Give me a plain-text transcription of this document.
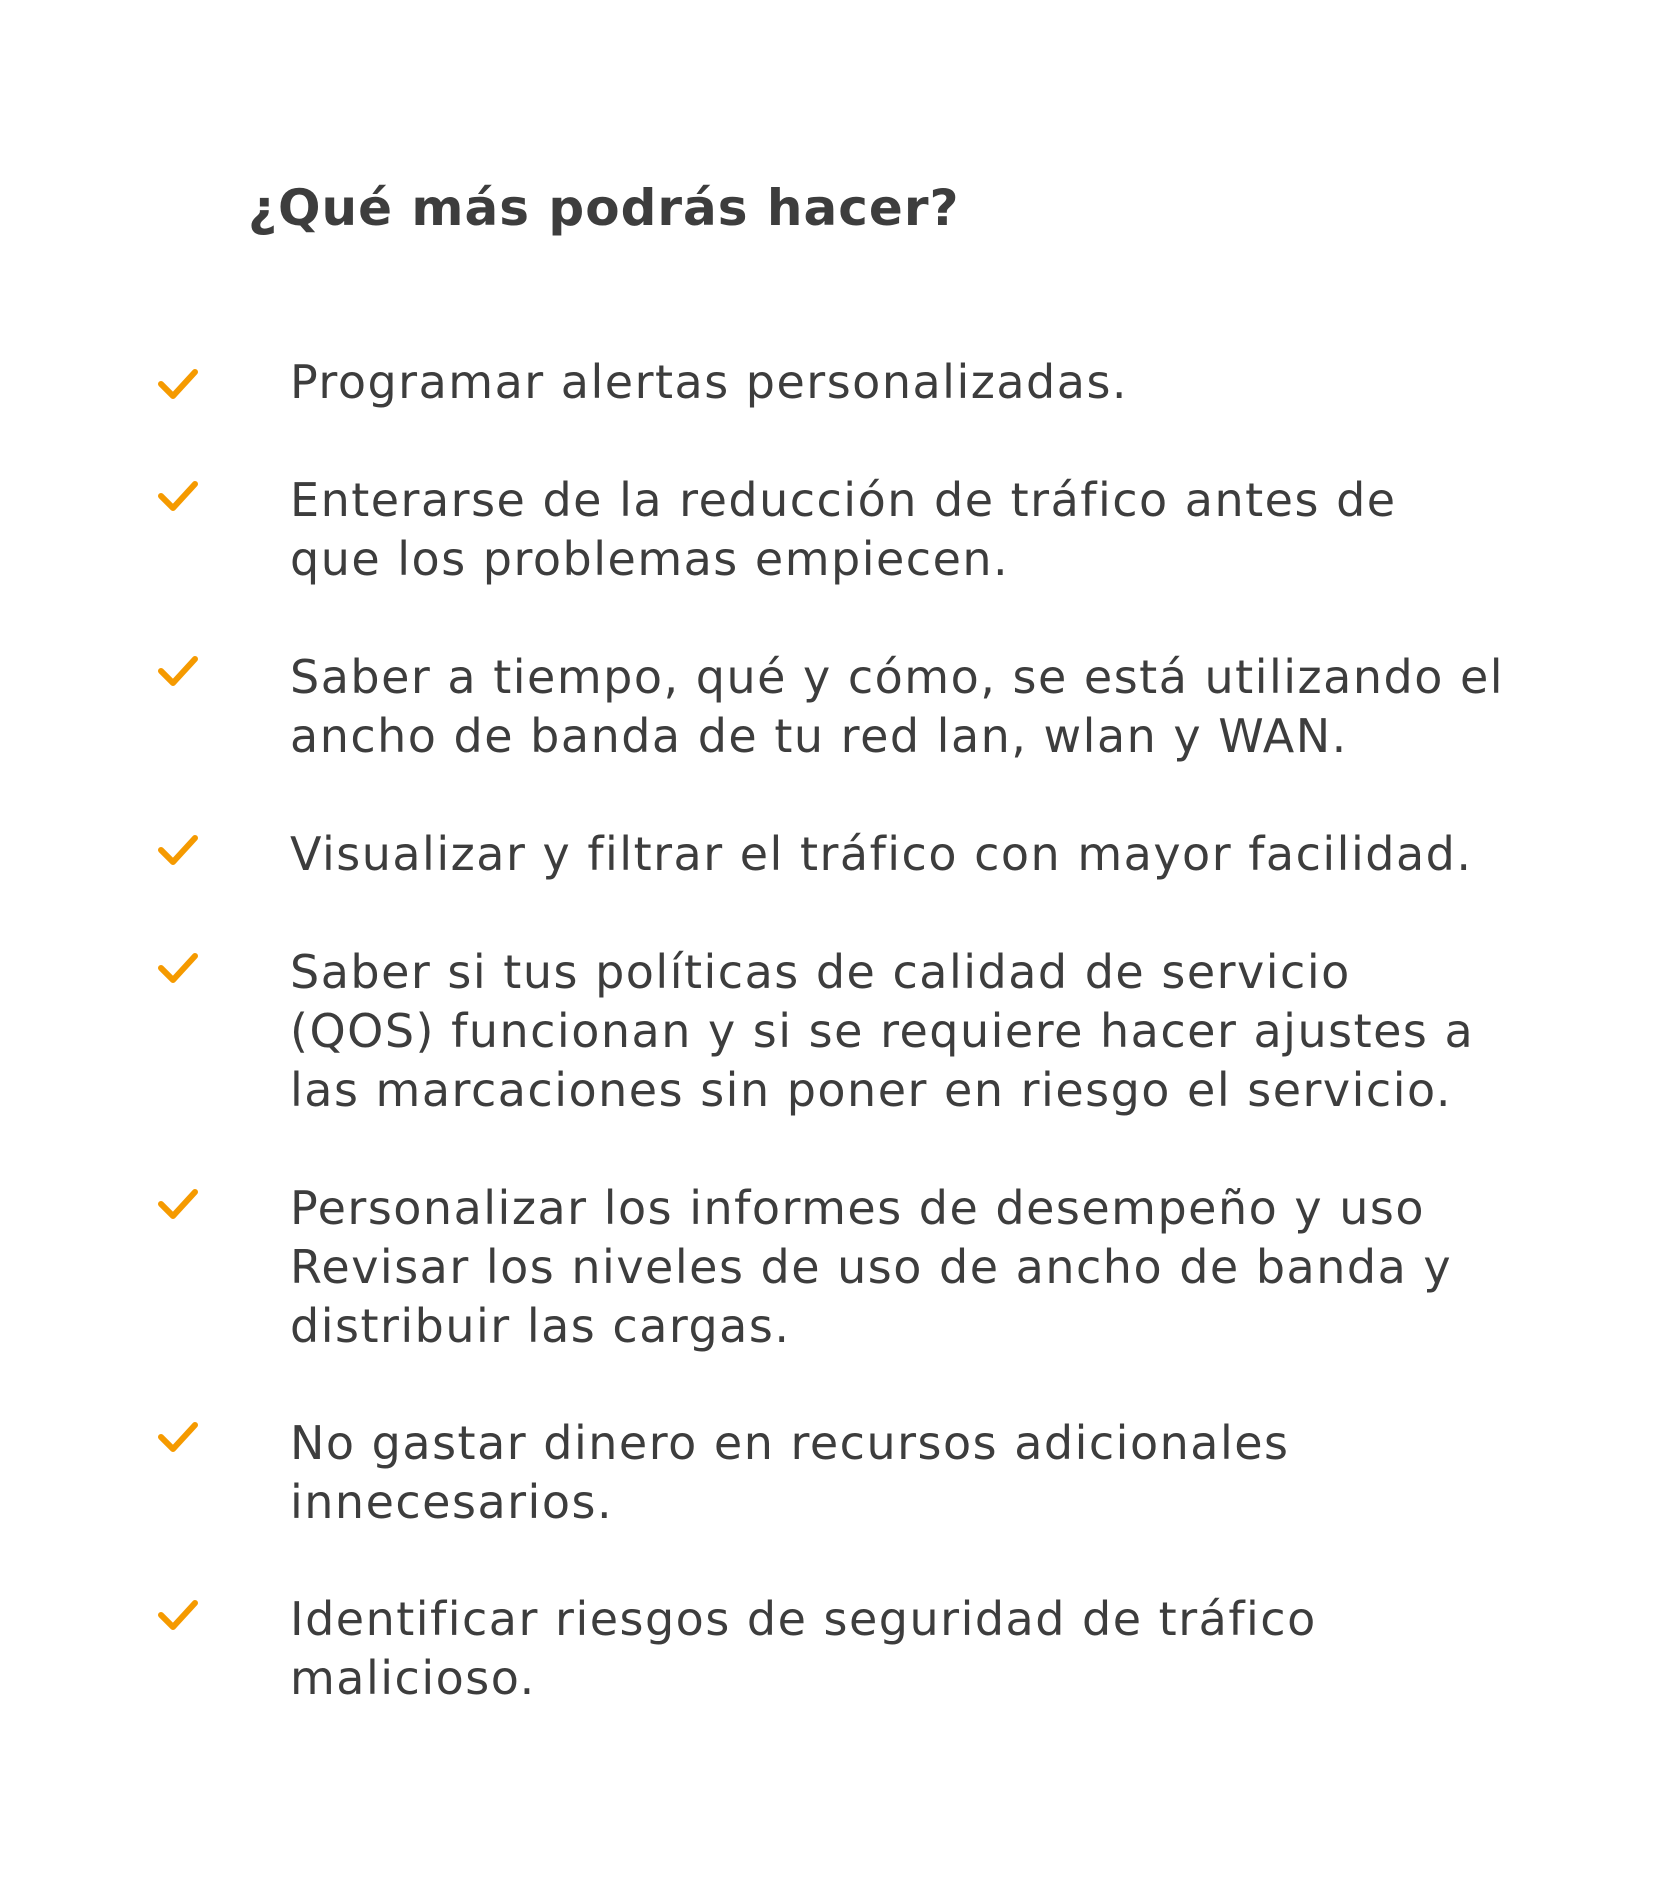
¿Qué más podrás hacer?

Programar alertas personalizadas.

Enterarse de la reducción de tráfico antes de
que los problemas empiecen.

Saber a tiempo, qué y cómo, se está utilizando el
ancho de banda de tu red lan, wlan y WAN.

Visualizar y filtrar el tráfico con mayor facilidad.

Saber si tus políticas de calidad de servicio
(QOS) funcionan y si se requiere hacer ajustes a
las marcaciones sin poner en riesgo el servicio.

Personalizar los informes de desempeño y uso
Revisar los niveles de uso de ancho de banda y
distribuir las cargas.

No gastar dinero en recursos adicionales
innecesarios.

Identificar riesgos de seguridad de tráfico
malicioso.
